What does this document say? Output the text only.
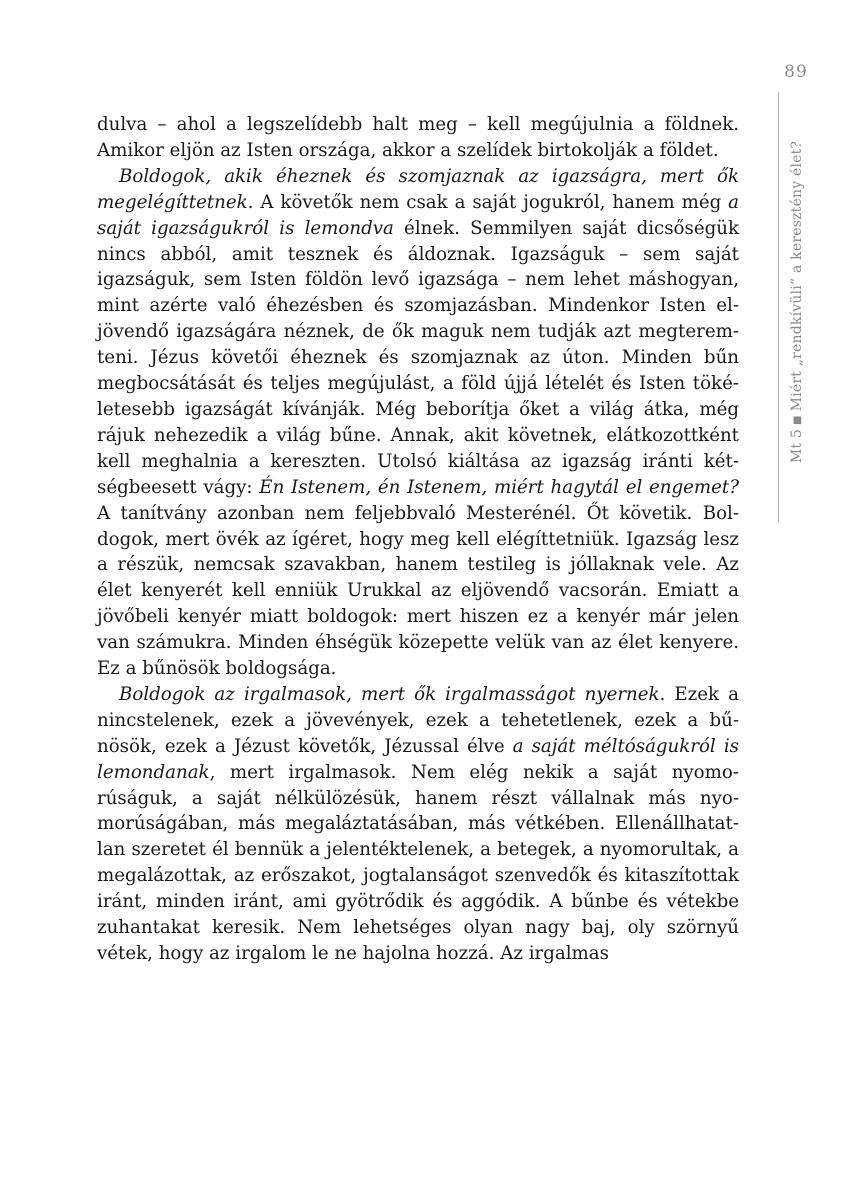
89
Mt 5■Miért „rendkívüli” a keresztény élet?

dulva – ahol a legszelídebb halt meg – kell megújulnia a földnek. Amikor eljön az Isten országa, akkor a szelídek birtokolják a földet.

Boldogok, akik éheznek és szomjaznak az igazságra, mert ők megelégíttetnek. A követők nem csak a saját jogukról, hanem még a saját igazságukról is lemondva élnek. Semmilyen saját dicsőségük nincs abból, amit tesznek és áldoznak. Igazságuk – sem saját igazságuk, sem Isten földön levő igazsága – nem lehet máshogyan, mint azérte való éhezésben és szomjazásban. Mindenkor Isten eljövendő igazságára néznek, de ők maguk nem tudják azt megteremteni. Jézus követői éheznek és szomjaznak az úton. Minden bűn megbocsátását és teljes megújulást, a föld újjá lételét és Isten tökéletesebb igazságát kívánják. Még beborítja őket a világ átka, még rájuk nehezedik a világ bűne. Annak, akit követnek, elátkozottként kell meghalnia a kereszten. Utolsó kiáltása az igazság iránti kétségbeesett vágy: Én Istenem, én Istenem, miért hagytál el engemet? A tanítvány azonban nem feljebbvaló Mesterénél. Őt követik. Boldogok, mert övék az ígéret, hogy meg kell elégíttetniük. Igazság lesz a részük, nemcsak szavakban, hanem testileg is jóllaknak vele. Az élet kenyerét kell enniük Urukkal az eljövendő vacsorán. Emiatt a jövőbeli kenyér miatt boldogok: mert hiszen ez a kenyér már jelen van számukra. Minden éhségük közepette velük van az élet kenyere. Ez a bűnösök boldogsága.

Boldogok az irgalmasok, mert ők irgalmasságot nyernek. Ezek a nincstelenek, ezek a jövevények, ezek a tehetetlenek, ezek a bűnösök, ezek a Jézust követők, Jézussal élve a saját méltóságukról is lemondanak, mert irgalmasok. Nem elég nekik a saját nyomorúságuk, a saját nélkülözésük, hanem részt vállalnak más nyomorúságában, más megaláztatásában, más vétkében. Ellenállhatatlan szeretet él bennük a jelentéktelenek, a betegek, a nyomorultak, a megalázottak, az erőszakot, jogtalanságot szenvedők és kitaszítottak iránt, minden iránt, ami gyötrődik és aggódik. A bűnbe és vétekbe zuhantakat keresik. Nem lehetséges olyan nagy baj, oly szörnyű vétek, hogy az irgalom le ne hajolna hozzá. Az irgalmas
